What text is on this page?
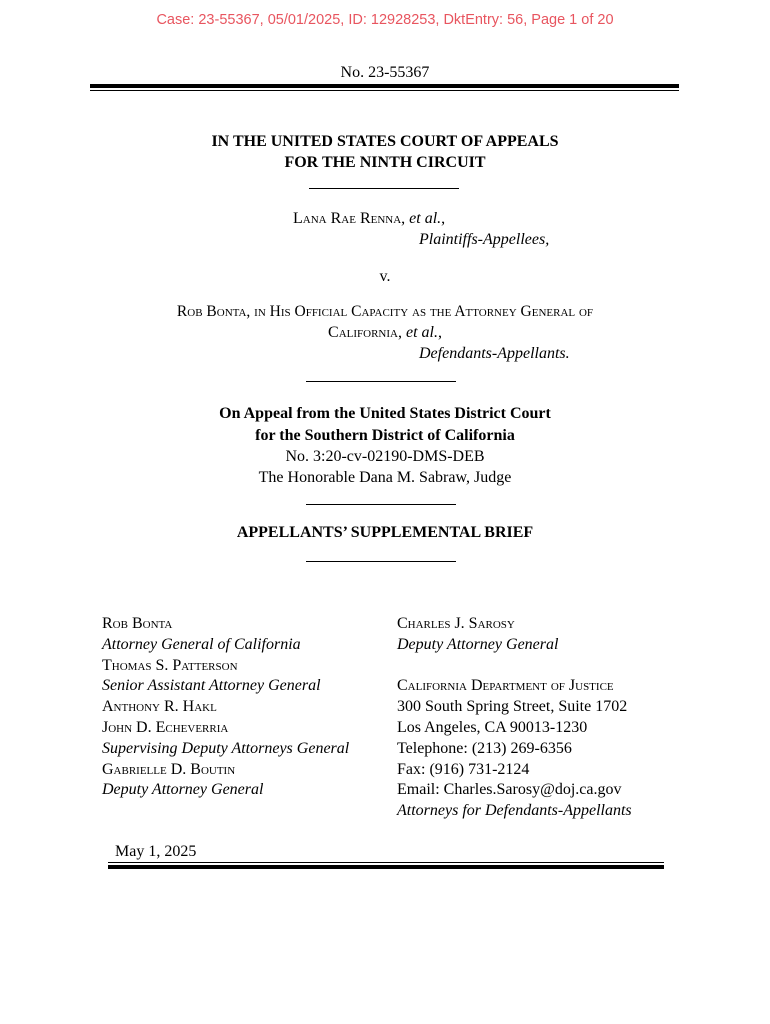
Case: 23-55367, 05/01/2025, ID: 12928253, DktEntry: 56, Page 1 of 20
No. 23-55367
IN THE UNITED STATES COURT OF APPEALS
FOR THE NINTH CIRCUIT
Lana Rae Renna, et al.,
Plaintiffs-Appellees,
v.
Rob Bonta, in His Official Capacity as the Attorney General of
California, et al.,
Defendants-Appellants.
On Appeal from the United States District Court
for the Southern District of California
No. 3:20-cv-02190-DMS-DEB
The Honorable Dana M. Sabraw, Judge
APPELLANTS’ SUPPLEMENTAL BRIEF
Rob Bonta
Attorney General of California
Thomas S. Patterson
Senior Assistant Attorney General
Anthony R. Hakl
John D. Echeverria
Supervising Deputy Attorneys General
Gabrielle D. Boutin
Deputy Attorney General
Charles J. Sarosy
Deputy Attorney General
California Department of Justice
300 South Spring Street, Suite 1702
Los Angeles, CA 90013-1230
Telephone: (213) 269-6356
Fax: (916) 731-2124
Email: Charles.Sarosy@doj.ca.gov
Attorneys for Defendants-Appellants
May 1, 2025
